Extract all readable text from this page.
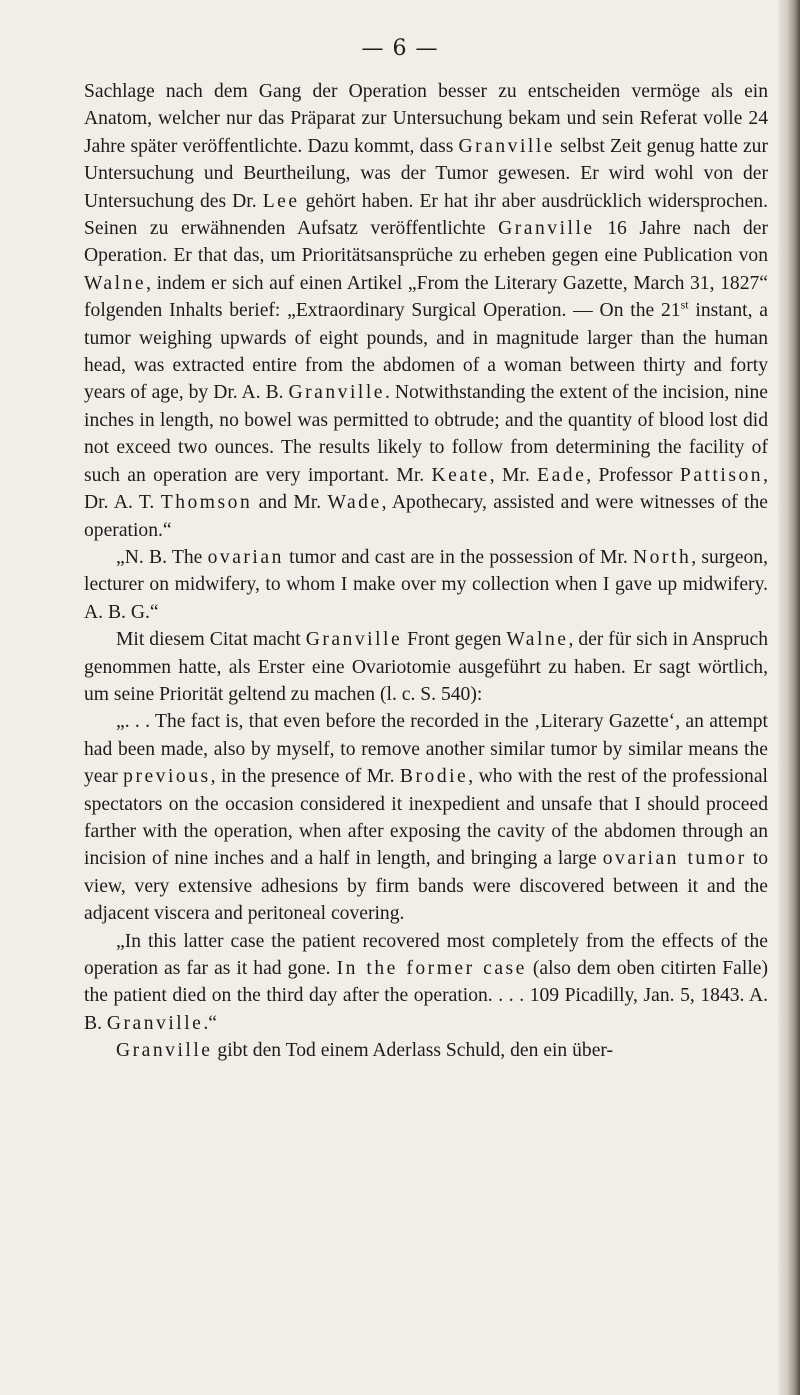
— 6 —

Sachlage nach dem Gang der Operation besser zu entscheiden vermöge als ein Anatom, welcher nur das Präparat zur Untersuchung bekam und sein Referat volle 24 Jahre später veröffentlichte. Dazu kommt, dass Granville selbst Zeit genug hatte zur Untersuchung und Beurtheilung, was der Tumor gewesen. Er wird wohl von der Untersuchung des Dr. Lee gehört haben. Er hat ihr aber ausdrücklich widersprochen. Seinen zu erwähnenden Aufsatz veröffentlichte Granville 16 Jahre nach der Operation. Er that das, um Prioritätsansprüche zu erheben gegen eine Publication von Walne, indem er sich auf einen Artikel „From the Literary Gazette, March 31, 1827“ folgenden Inhalts berief: „Extraordinary Surgical Operation. — On the 21st instant, a tumor weighing upwards of eight pounds, and in magnitude larger than the human head, was extracted entire from the abdomen of a woman between thirty and forty years of age, by Dr. A. B. Granville. Notwithstanding the extent of the incision, nine inches in length, no bowel was permitted to obtrude; and the quantity of blood lost did not exceed two ounces. The results likely to follow from determining the facility of such an operation are very important. Mr. Keate, Mr. Eade, Professor Pattison, Dr. A. T. Thomson and Mr. Wade, Apothecary, assisted and were witnesses of the operation.“

„N. B. The ovarian tumor and cast are in the possession of Mr. North, surgeon, lecturer on midwifery, to whom I make over my collection when I gave up midwifery. A. B. G.“

Mit diesem Citat macht Granville Front gegen Walne, der für sich in Anspruch genommen hatte, als Erster eine Ovariotomie ausgeführt zu haben. Er sagt wörtlich, um seine Priorität geltend zu machen (l. c. S. 540):

„. . . The fact is, that even before the recorded in the ‚Literary Gazette‘, an attempt had been made, also by myself, to remove another similar tumor by similar means the year previous, in the presence of Mr. Brodie, who with the rest of the professional spectators on the occasion considered it inexpedient and unsafe that I should proceed farther with the operation, when after exposing the cavity of the abdomen through an incision of nine inches and a half in length, and bringing a large ovarian tumor to view, very extensive adhesions by firm bands were discovered between it and the adjacent viscera and peritoneal covering.

„In this latter case the patient recovered most completely from the effects of the operation as far as it had gone. In the former case (also dem oben citirten Falle) the patient died on the third day after the operation. . . . 109 Picadilly, Jan. 5, 1843. A. B. Granville.“

Granville gibt den Tod einem Aderlass Schuld, den ein über-
